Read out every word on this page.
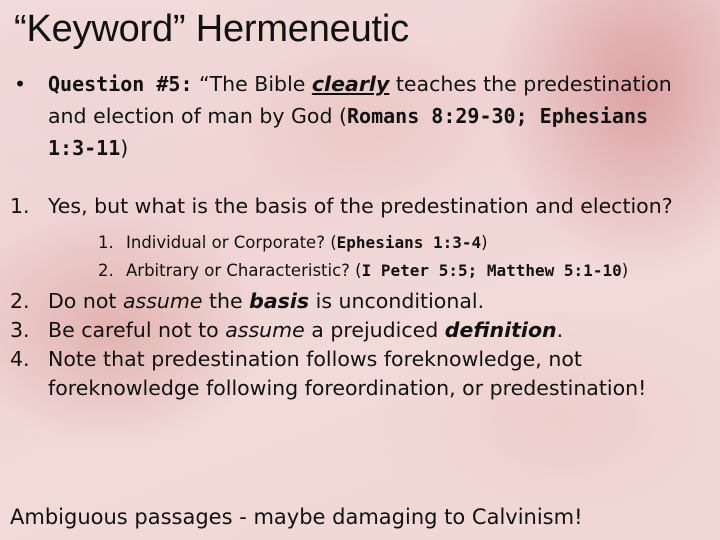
“Keyword” Hermeneutic
•	Question #5: “The Bible clearly teaches the predestination and election of man by God (Romans 8:29-30; Ephesians 1:3-11)
1. Yes, but what is the basis of the predestination and election?
1. Individual or Corporate? (Ephesians 1:3-4)
2. Arbitrary or Characteristic? (I Peter 5:5; Matthew 5:1-10)
2. Do not assume the basis is unconditional.
3. Be careful not to assume a prejudiced definition.
4. Note that predestination follows foreknowledge, not foreknowledge following foreordination, or predestination!

Ambiguous passages - maybe damaging to Calvinism!
